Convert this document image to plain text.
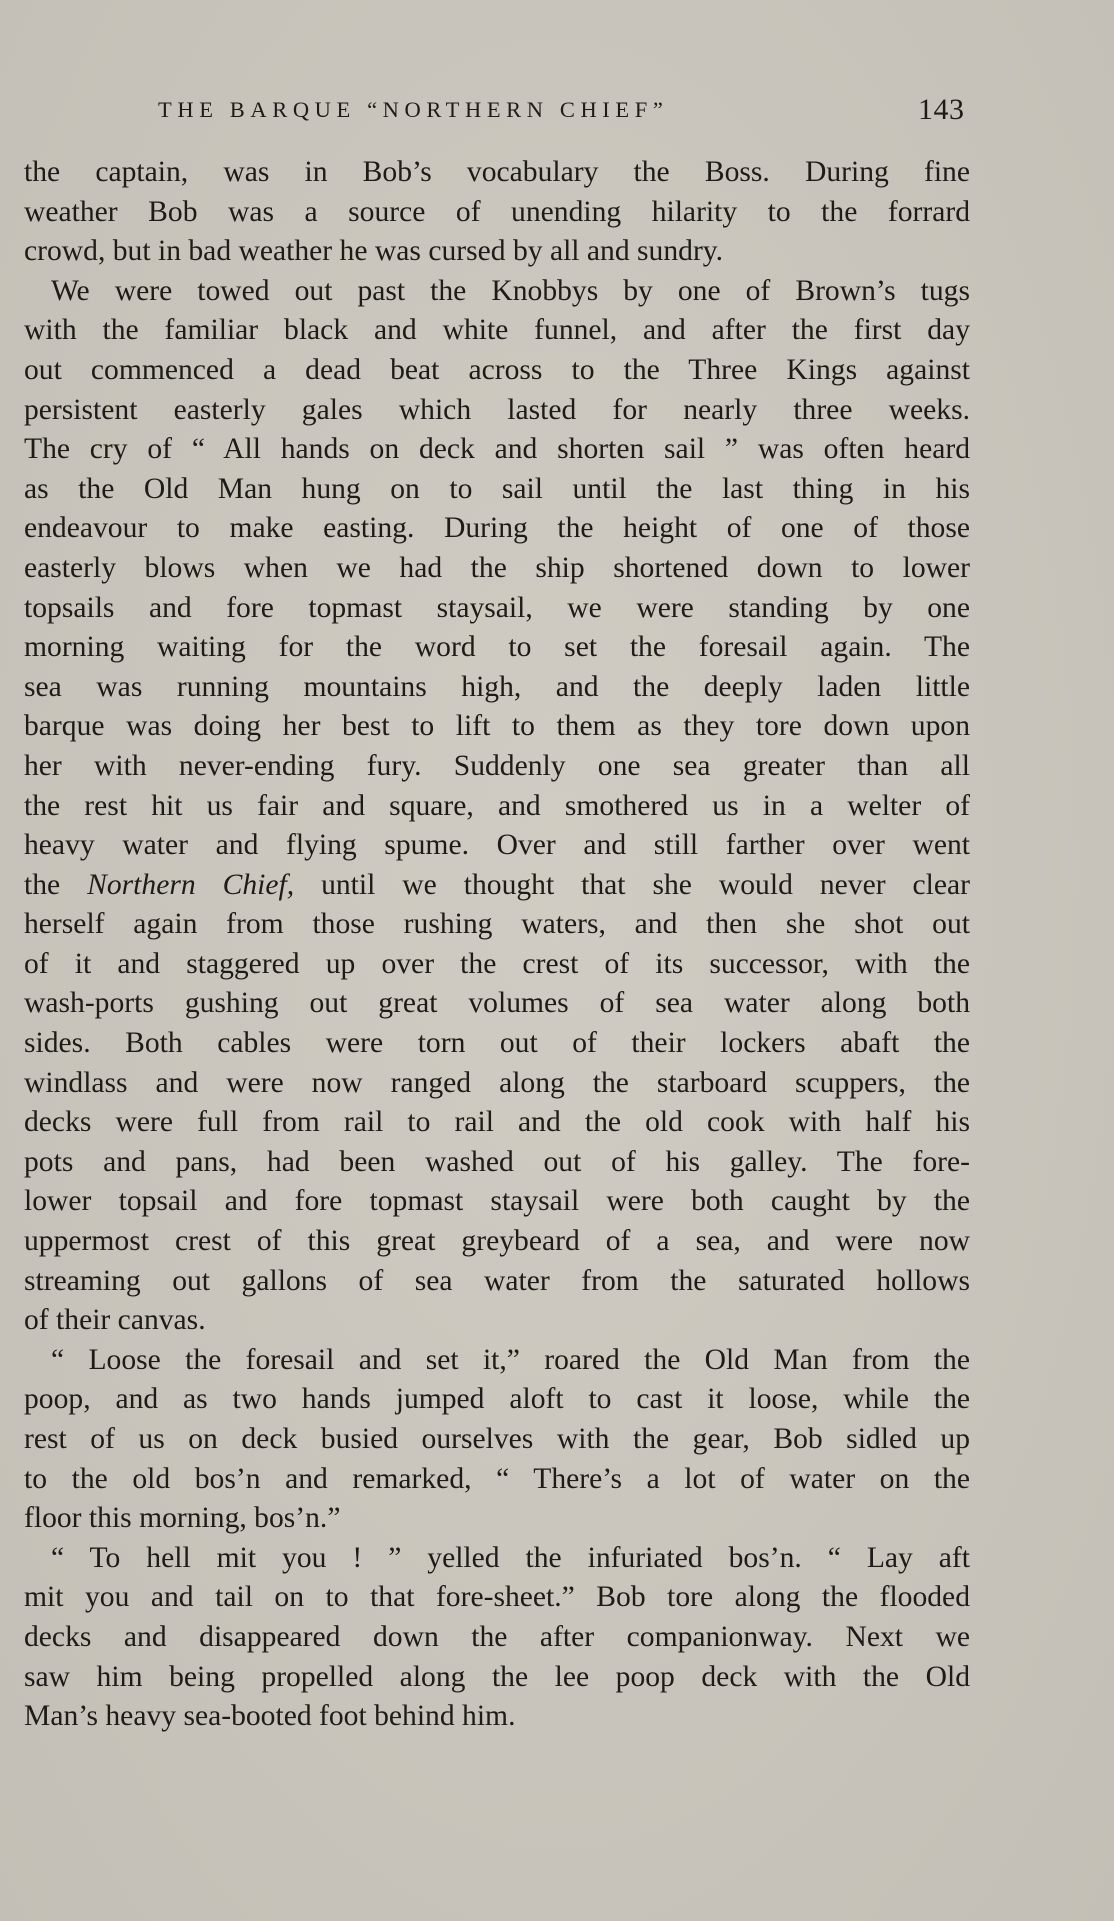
THE BARQUE “NORTHERN CHIEF”	143
the captain, was in Bob’s vocabulary the Boss. During fine
weather Bob was a source of unending hilarity to the forrard
crowd, but in bad weather he was cursed by all and sundry.
We were towed out past the Knobbys by one of Brown’s tugs
with the familiar black and white funnel, and after the first day
out commenced a dead beat across to the Three Kings against
persistent easterly gales which lasted for nearly three weeks.
The cry of “ All hands on deck and shorten sail ” was often heard
as the Old Man hung on to sail until the last thing in his
endeavour to make easting. During the height of one of those
easterly blows when we had the ship shortened down to lower
topsails and fore topmast staysail, we were standing by one
morning waiting for the word to set the foresail again. The
sea was running mountains high, and the deeply laden little
barque was doing her best to lift to them as they tore down upon
her with never-ending fury. Suddenly one sea greater than all
the rest hit us fair and square, and smothered us in a welter of
heavy water and flying spume. Over and still farther over went
the Northern Chief, until we thought that she would never clear
herself again from those rushing waters, and then she shot out
of it and staggered up over the crest of its successor, with the
wash-ports gushing out great volumes of sea water along both
sides. Both cables were torn out of their lockers abaft the
windlass and were now ranged along the starboard scuppers, the
decks were full from rail to rail and the old cook with half his
pots and pans, had been washed out of his galley. The fore-
lower topsail and fore topmast staysail were both caught by the
uppermost crest of this great greybeard of a sea, and were now
streaming out gallons of sea water from the saturated hollows
of their canvas.
“ Loose the foresail and set it,” roared the Old Man from the
poop, and as two hands jumped aloft to cast it loose, while the
rest of us on deck busied ourselves with the gear, Bob sidled up
to the old bos’n and remarked, “ There’s a lot of water on the
floor this morning, bos’n.”
“ To hell mit you ! ” yelled the infuriated bos’n. “ Lay aft
mit you and tail on to that fore-sheet.” Bob tore along the flooded
decks and disappeared down the after companionway. Next we
saw him being propelled along the lee poop deck with the Old
Man’s heavy sea-booted foot behind him.
